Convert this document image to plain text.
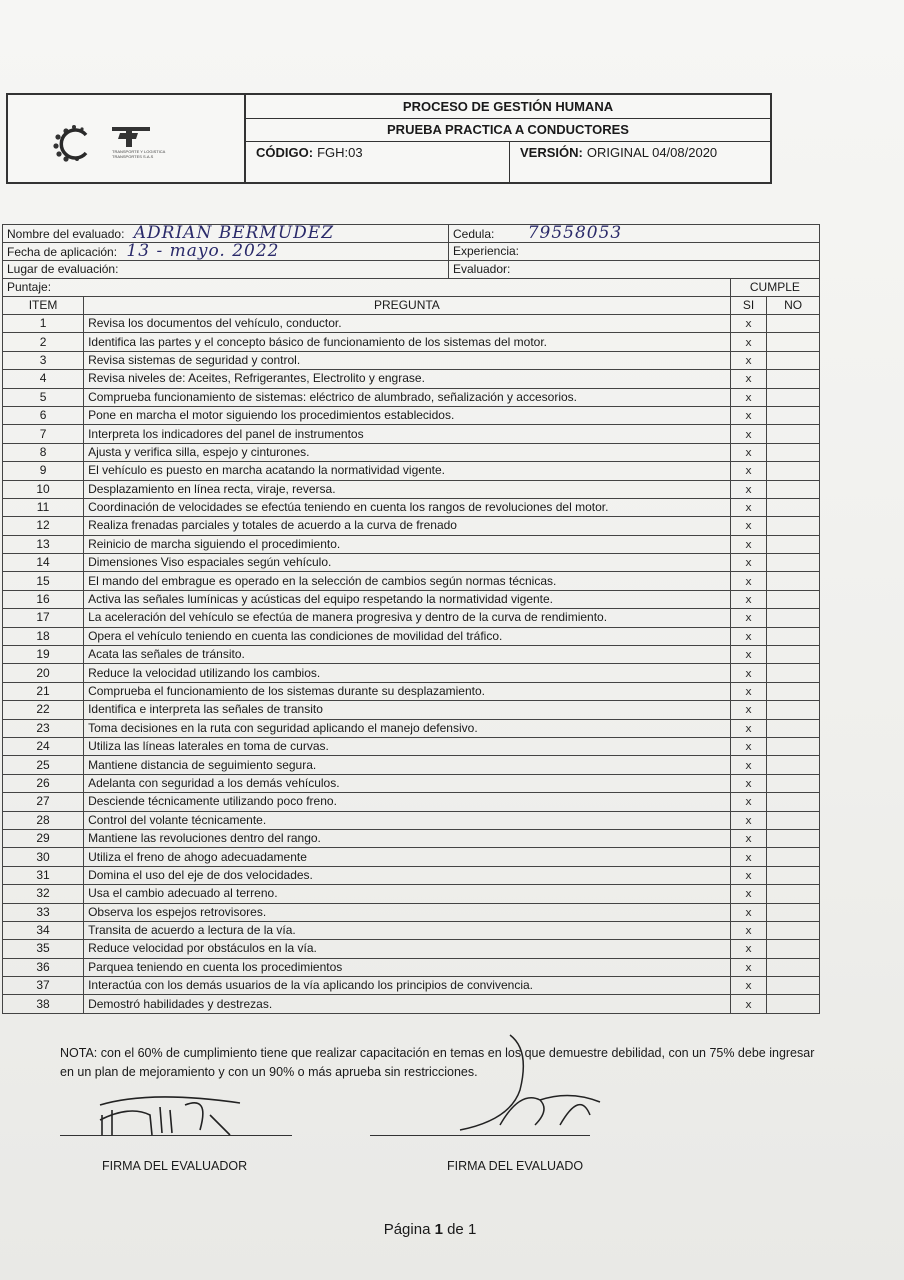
TRANSPORTE Y LOGISTICA TRANSPORTES S.A.S
PROCESO DE GESTIÓN HUMANA
PRUEBA PRACTICA A CONDUCTORES
CÓDIGO: FGH:03	VERSIÓN: ORIGINAL 04/08/2020
Nombre del evaluado: ADRIAN BERMUDEZ		Cedula: 79558053		
Fecha de aplicación: 13 - mayo. 2022		Experiencia:		
Lugar de evaluación:		Evaluador:		
Puntaje:			CUMPLE	
ITEM	PREGUNTA		SI	NO
1	Revisa los documentos del vehículo, conductor.		x	
2	Identifica las partes y el concepto básico de funcionamiento de los sistemas del motor.		x	
3	Revisa sistemas de seguridad y control.		x	
4	Revisa niveles de: Aceites, Refrigerantes, Electrolito y engrase.		x	
5	Comprueba funcionamiento de sistemas: eléctrico de alumbrado, señalización y accesorios.		x	
6	Pone en marcha el motor siguiendo los procedimientos establecidos.		x	
7	Interpreta los indicadores del panel de instrumentos		x	
8	Ajusta y verifica silla, espejo y cinturones.		x	
9	El vehículo es puesto en marcha acatando la normatividad vigente.		x	
10	Desplazamiento en línea recta, viraje, reversa.		x	
11	Coordinación de velocidades se efectúa teniendo en cuenta los rangos de revoluciones del motor.		x	
12	Realiza frenadas parciales y totales de acuerdo a la curva de frenado		x	
13	Reinicio de marcha siguiendo el procedimiento.		x	
14	Dimensiones Viso espaciales según vehículo.		x	
15	El mando del embrague es operado en la selección de cambios según normas técnicas.		x	
16	Activa las señales lumínicas y acústicas del equipo respetando la normatividad vigente.		x	
17	La aceleración del vehículo se efectúa de manera progresiva y dentro de la curva de rendimiento.		x	
18	Opera el vehículo teniendo en cuenta las condiciones de movilidad del tráfico.		x	
19	Acata las señales de tránsito.		x	
20	Reduce la velocidad utilizando los cambios.		x	
21	Comprueba el funcionamiento de los sistemas durante su desplazamiento.		x	
22	Identifica e interpreta las señales de transito		x	
23	Toma decisiones en la ruta con seguridad aplicando el manejo defensivo.		x	
24	Utiliza las líneas laterales en toma de curvas.		x	
25	Mantiene distancia de seguimiento segura.		x	
26	Adelanta con seguridad a los demás vehículos.		x	
27	Desciende técnicamente utilizando poco freno.		x	
28	Control del volante técnicamente.		x	
29	Mantiene las revoluciones dentro del rango.		x	
30	Utiliza el freno de ahogo adecuadamente		x	
31	Domina el uso del eje de dos velocidades.		x	
32	Usa el cambio adecuado al terreno.		x	
33	Observa los espejos retrovisores.		x	
34	Transita de acuerdo a lectura de la vía.		x	
35	Reduce velocidad por obstáculos en la vía.		x	
36	Parquea teniendo en cuenta los procedimientos		x	
37	Interactúa con los demás usuarios de la vía aplicando los principios de convivencia.		x	
38	Demostró habilidades y destrezas.		x	
NOTA: con el 60% de cumplimiento tiene que realizar capacitación en temas en los que demuestre debilidad, con un 75% debe ingresar en un plan de mejoramiento y con un 90% o más aprueba sin restricciones.
FIRMA DEL EVALUADOR	FIRMA DEL EVALUADO
Página 1 de 1
